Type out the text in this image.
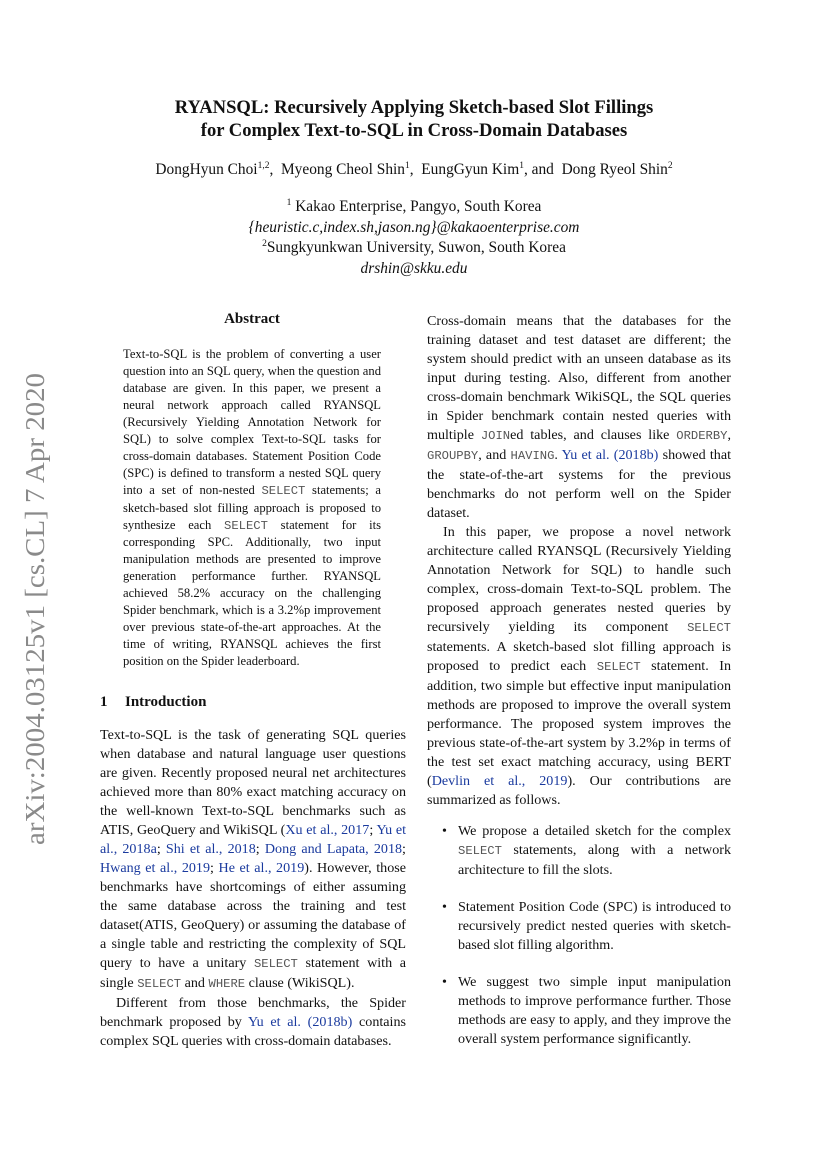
arXiv:2004.03125v1 [cs.CL] 7 Apr 2020
RYANSQL: Recursively Applying Sketch-based Slot Fillings
for Complex Text-to-SQL in Cross-Domain Databases
DongHyun Choi$^{1,2}$,  Myeong Cheol Shin$^1$,  EungGyun Kim$^1$, and  Dong Ryeol Shin$^2$
$^1$ Kakao Enterprise, Pangyo, South Korea
{heuristic.c,index.sh,jason.ng}@kakaoenterprise.com
$^2$Sungkyunkwan University, Suwon, South Korea
drshin@skku.edu
Abstract
Text-to-SQL is the problem of converting a user question into an SQL query, when the question and database are given. In this paper, we present a neural network approach called RYANSQL (Recursively Yielding Annotation Network for SQL) to solve complex Text-to-SQL tasks for cross-domain databases. Statement Position Code (SPC) is defined to transform a nested SQL query into a set of non-nested SELECT statements; a sketch-based slot filling approach is proposed to synthesize each SELECT statement for its corresponding SPC. Additionally, two input manipulation methods are presented to improve generation performance further. RYANSQL achieved 58.2% accuracy on the challenging Spider benchmark, which is a 3.2%p improvement over previous state-of-the-art approaches. At the time of writing, RYANSQL achieves the first position on the Spider leaderboard.
1 Introduction

Text-to-SQL is the task of generating SQL queries when database and natural language user questions are given. Recently proposed neural net architectures achieved more than 80% exact matching accuracy on the well-known Text-to-SQL benchmarks such as ATIS, GeoQuery and WikiSQL (Xu et al., 2017; Yu et al., 2018a; Shi et al., 2018; Dong and Lapata, 2018; Hwang et al., 2019; He et al., 2019). However, those benchmarks have shortcomings of either assuming the same database across the training and test dataset(ATIS, GeoQuery) or assuming the database of a single table and restricting the complexity of SQL query to have a unitary SELECT statement with a single SELECT and WHERE clause (WikiSQL).

Different from those benchmarks, the Spider benchmark proposed by Yu et al. (2018b) contains complex SQL queries with cross-domain databases.

Cross-domain means that the databases for the training dataset and test dataset are different; the system should predict with an unseen database as its input during testing. Also, different from another cross-domain benchmark WikiSQL, the SQL queries in Spider benchmark contain nested queries with multiple JOINed tables, and clauses like ORDERBY, GROUPBY, and HAVING. Yu et al. (2018b) showed that the state-of-the-art systems for the previous benchmarks do not perform well on the Spider dataset.

In this paper, we propose a novel network architecture called RYANSQL (Recursively Yielding Annotation Network for SQL) to handle such complex, cross-domain Text-to-SQL problem. The proposed approach generates nested queries by recursively yielding its component SELECT statements. A sketch-based slot filling approach is proposed to predict each SELECT statement. In addition, two simple but effective input manipulation methods are proposed to improve the overall system performance. The proposed system improves the previous state-of-the-art system by 3.2%p in terms of the test set exact matching accuracy, using BERT (Devlin et al., 2019). Our contributions are summarized as follows.

• We propose a detailed sketch for the complex SELECT statements, along with a network architecture to fill the slots.
• Statement Position Code (SPC) is introduced to recursively predict nested queries with sketch-based slot filling algorithm.
• We suggest two simple input manipulation methods to improve performance further. Those methods are easy to apply, and they improve the overall system performance significantly.
